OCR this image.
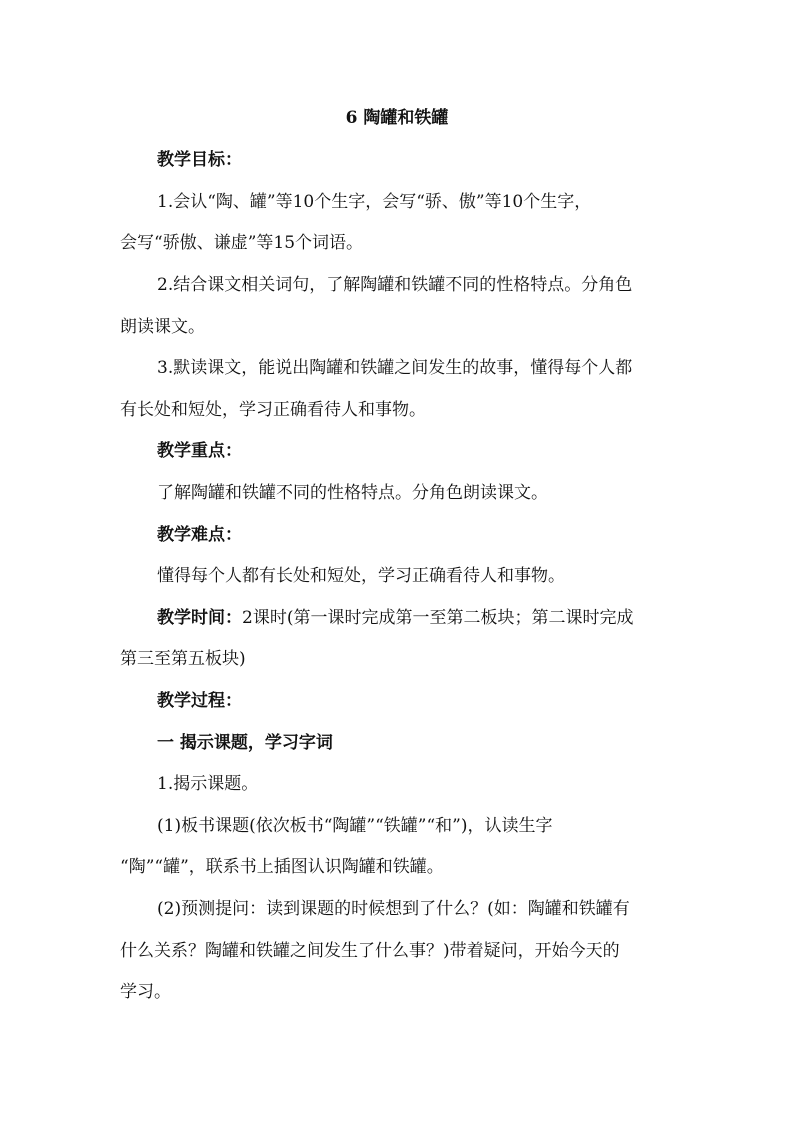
6 陶罐和铁罐
教学目标：
1.会认“陶、罐”等10个生字，会写“骄、傲”等10个生字，
会写“骄傲、谦虚”等15个词语。
2.结合课文相关词句，了解陶罐和铁罐不同的性格特点。分角色
朗读课文。
3.默读课文，能说出陶罐和铁罐之间发生的故事，懂得每个人都
有长处和短处，学习正确看待人和事物。
教学重点：
了解陶罐和铁罐不同的性格特点。分角色朗读课文。
教学难点：
懂得每个人都有长处和短处，学习正确看待人和事物。
教学时间：2课时(第一课时完成第一至第二板块；第二课时完成
第三至第五板块)
教学过程：
一 揭示课题，学习字词
1.揭示课题。
(1)板书课题(依次板书“陶罐”“铁罐”“和”)，认读生字
“陶”“罐”，联系书上插图认识陶罐和铁罐。
(2)预测提问：读到课题的时候想到了什么？(如：陶罐和铁罐有
什么关系？陶罐和铁罐之间发生了什么事？)带着疑问，开始今天的
学习。
